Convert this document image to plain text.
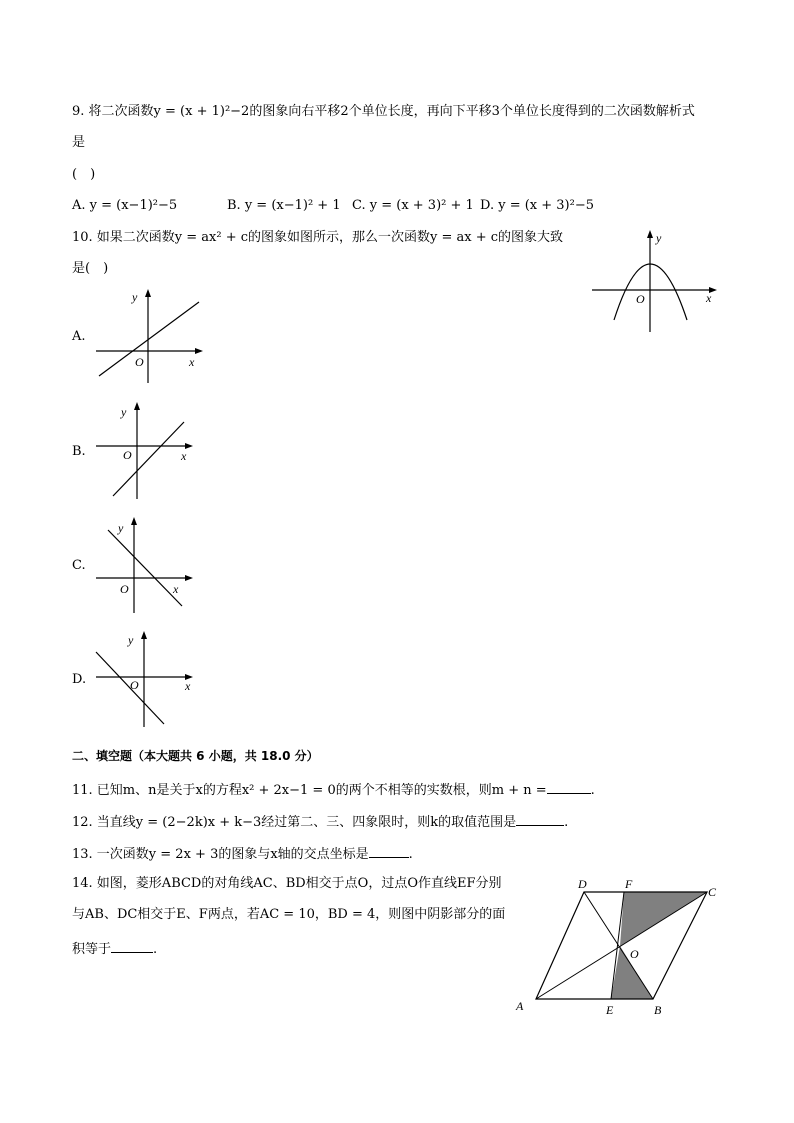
9. 将二次函数y = (x + 1)²−2的图象向右平移2个单位长度，再向下平移3个单位长度得到的二次函数解析式
是
(　)
A. y = (x−1)²−5	B. y = (x−1)² + 1 C. y = (x + 3)² + 1 D. y = (x + 3)²−5
10. 如果二次函数y = ax² + c的图象如图所示，那么一次函数y = ax + c的图象大致
是(　)
x
y
O
A.
x
y
O
B.	x
y
O
C.
x
y
O
D.	x
y
O
二、填空题（本大题共 6 小题，共 18.0 分）
11. 已知m、n是关于x的方程x² + 2x−1 = 0的两个不相等的实数根，则m + n =	.
12. 当直线y = (2−2k)x + k−3经过第二、三、四象限时，则k的取值范围是	.
13. 一次函数y = 2x + 3的图象与x轴的交点坐标是	.
14. 如图，菱形ABCD的对角线AC、BD相交于点O，过点O作直线EF分别
与AB、DC相交于E、F两点，若AC = 10，BD = 4，则图中阴影部分的面
积等于	.
D	F
C
O
A	E	B
